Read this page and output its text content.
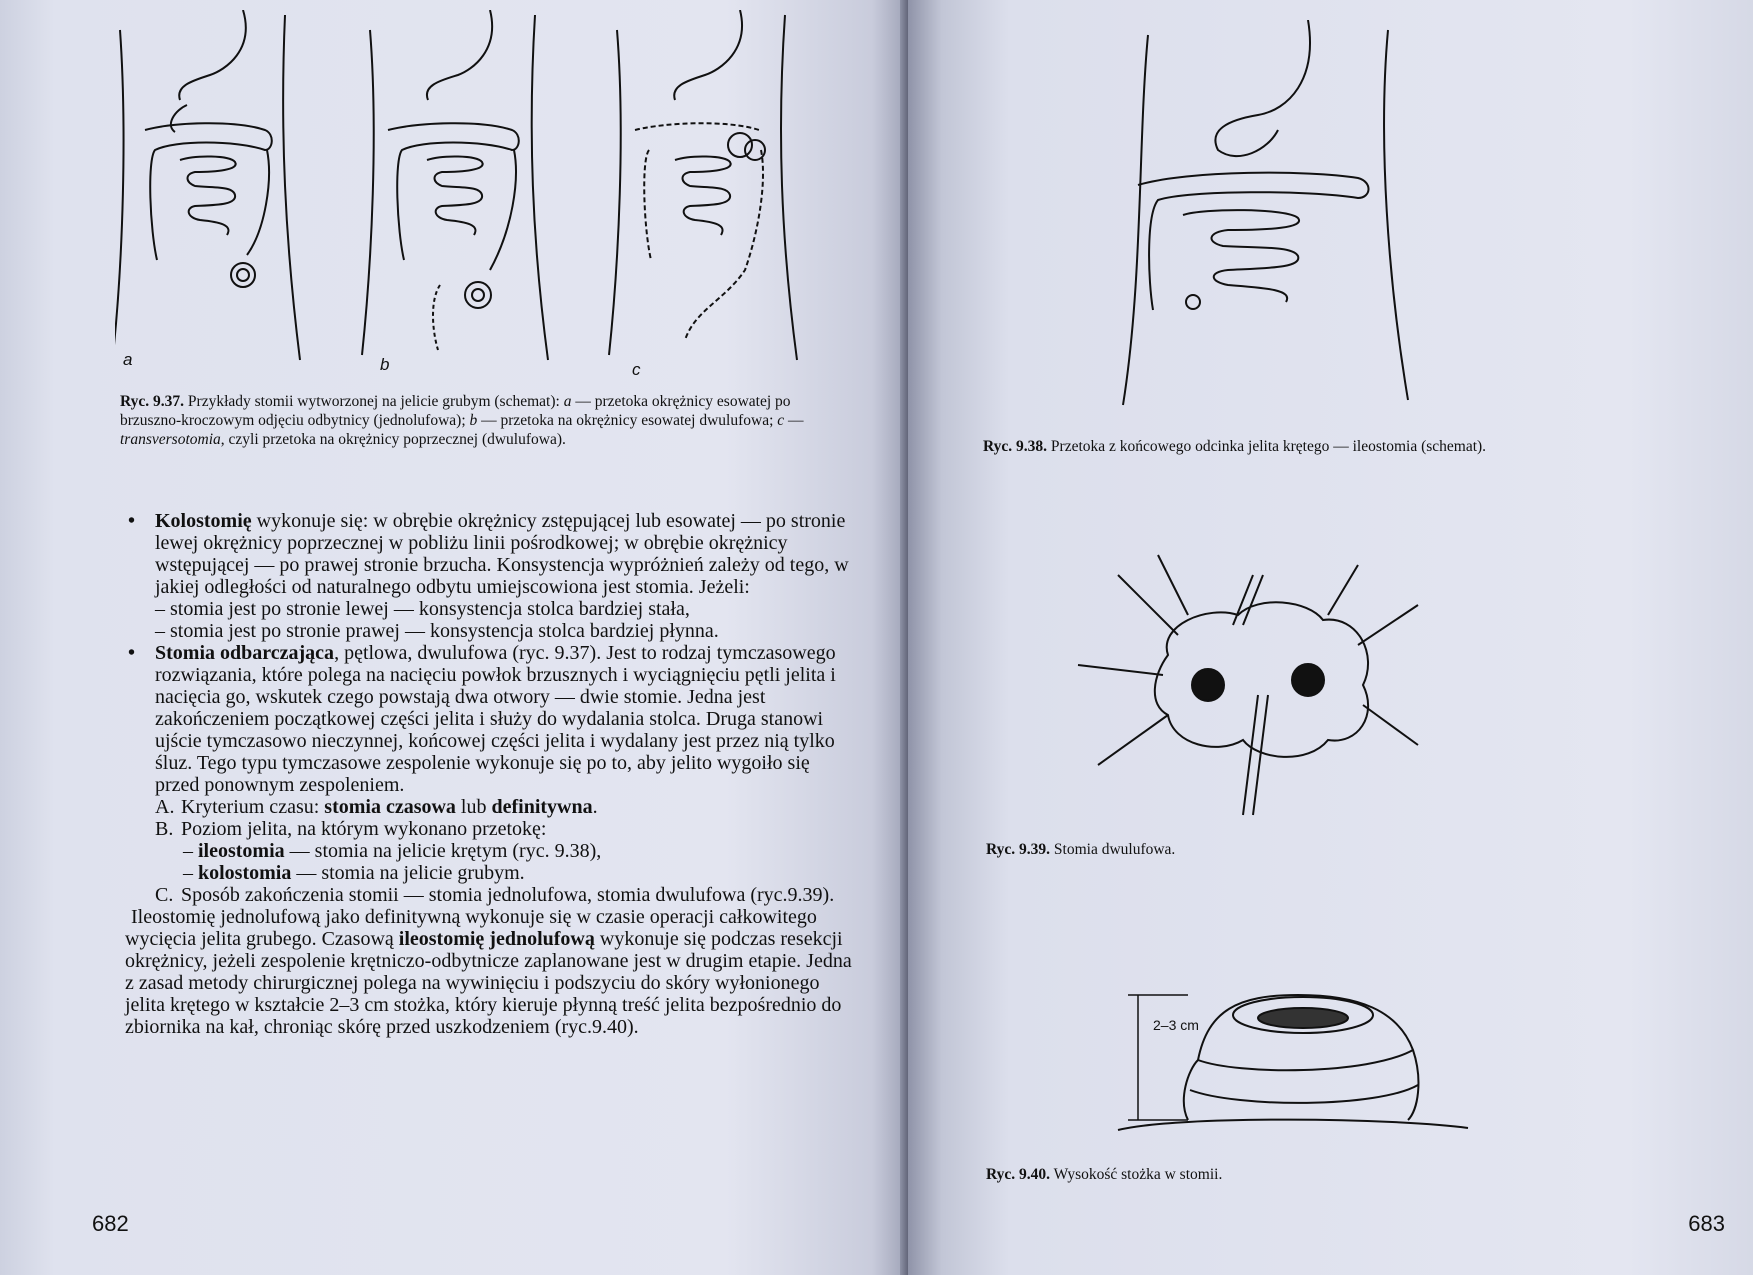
a	b	c
Ryc. 9.37. Przykłady stomii wytworzonej na jelicie grubym (schemat): a — przetoka okrężnicy esowatej po brzuszno-kroczowym odjęciu odbytnicy (jednolufowa); b — przetoka na okrężnicy esowatej dwulufowa; c — transversotomia, czyli przetoka na okrężnicy poprzecznej (dwulufowa).

• Kolostomię wykonuje się: w obrębie okrężnicy zstępującej lub esowatej — po stronie lewej okrężnicy poprzecznej w pobliżu linii pośrodkowej; w obrębie okrężnicy wstępującej — po prawej stronie brzucha. Konsystencja wypróżnień zależy od tego, w jakiej odległości od naturalnego odbytu umiejscowiona jest stomia. Jeżeli:

– stomia jest po stronie lewej — konsystencja stolca bardziej stała,

– stomia jest po stronie prawej — konsystencja stolca bardziej płynna.

• Stomia odbarczająca, pętlowa, dwulufowa (ryc. 9.37). Jest to rodzaj tymczasowego rozwiązania, które polega na nacięciu powłok brzusznych i wyciągnięciu pętli jelita i nacięcia go, wskutek czego powstają dwa otwory — dwie stomie. Jedna jest zakończeniem początkowej części jelita i służy do wydalania stolca. Druga stanowi ujście tymczasowo nieczynnej, końcowej części jelita i wydalany jest przez nią tylko śluz. Tego typu tymczasowe zespolenie wykonuje się po to, aby jelito wygoiło się przed ponownym zespoleniem.

A. Kryterium czasu: stomia czasowa lub definitywna.

B. Poziom jelita, na którym wykonano przetokę:

– ileostomia — stomia na jelicie krętym (ryc. 9.38),

– kolostomia — stomia na jelicie grubym.

C. Sposób zakończenia stomii — stomia jednolufowa, stomia dwulufowa (ryc.9.39).

Ileostomię jednolufową jako definitywną wykonuje się w czasie operacji całkowitego wycięcia jelita grubego. Czasową ileostomię jednolufową wykonuje się podczas resekcji okrężnicy, jeżeli zespolenie krętniczo-odbytnicze zaplanowane jest w drugim etapie. Jedna z zasad metody chirurgicznej polega na wywinięciu i podszyciu do skóry wyłonionego jelita krętego w kształcie 2–3 cm stożka, który kieruje płynną treść jelita bezpośrednio do zbiornika na kał, chroniąc skórę przed uszkodzeniem (ryc.9.40).

682
Ryc. 9.38. Przetoka z końcowego odcinka jelita krętego — ileostomia (schemat).
Ryc. 9.39. Stomia dwulufowa.
2–3 cm
Ryc. 9.40. Wysokość stożka w stomii.
683
